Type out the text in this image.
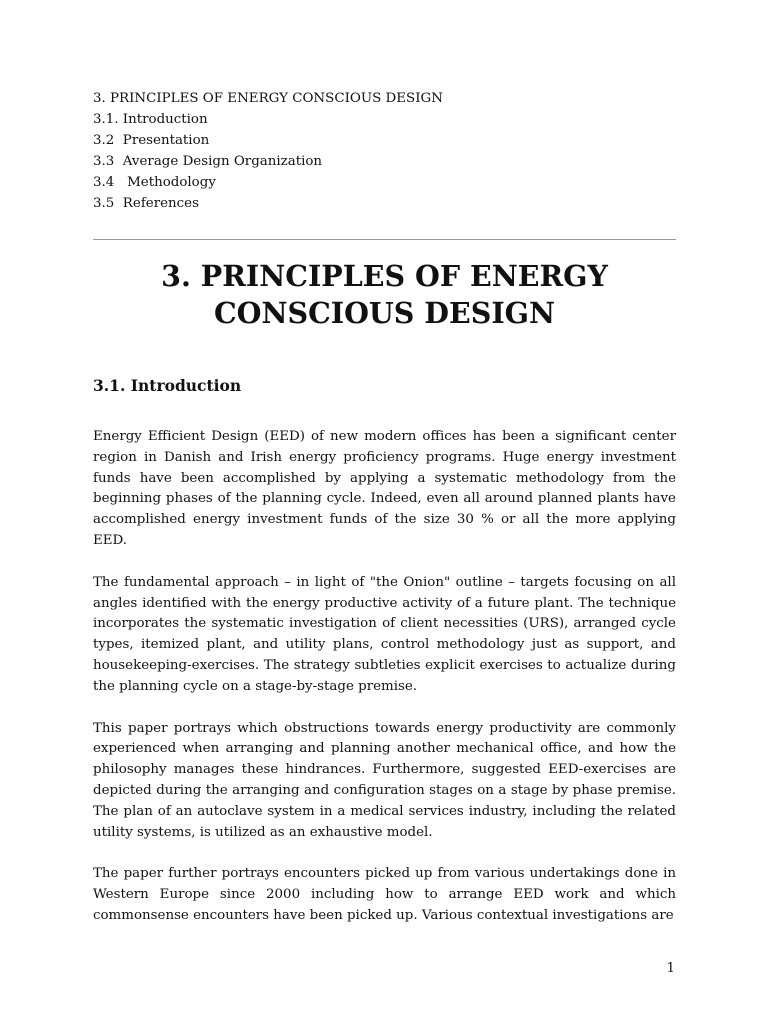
3. PRINCIPLES OF ENERGY CONSCIOUS DESIGN
3.1. Introduction
3.2  Presentation
3.3  Average Design Organization
3.4   Methodology
3.5  References
3. PRINCIPLES OF ENERGY
CONSCIOUS DESIGN
3.1. Introduction

Energy Efficient Design (EED) of new modern offices has been a significant center region in Danish and Irish energy proficiency programs. Huge energy investment funds have been accomplished by applying a systematic methodology from the beginning phases of the planning cycle. Indeed, even all around planned plants have accomplished energy investment funds of the size 30 % or all the more applying EED.

The fundamental approach – in light of "the Onion" outline – targets focusing on all angles identified with the energy productive activity of a future plant. The technique incorporates the systematic investigation of client necessities (URS), arranged cycle types, itemized plant, and utility plans, control methodology just as support, and housekeeping-exercises. The strategy subtleties explicit exercises to actualize during the planning cycle on a stage-by-stage premise.

This paper portrays which obstructions towards energy productivity are commonly experienced when arranging and planning another mechanical office, and how the philosophy manages these hindrances. Furthermore, suggested EED-exercises are depicted during the arranging and configuration stages on a stage by phase premise. The plan of an autoclave system in a medical services industry, including the related utility systems, is utilized as an exhaustive model.

The paper further portrays encounters picked up from various undertakings done in Western Europe since 2000 including how to arrange EED work and which commonsense encounters have been picked up. Various contextual investigations are

1
